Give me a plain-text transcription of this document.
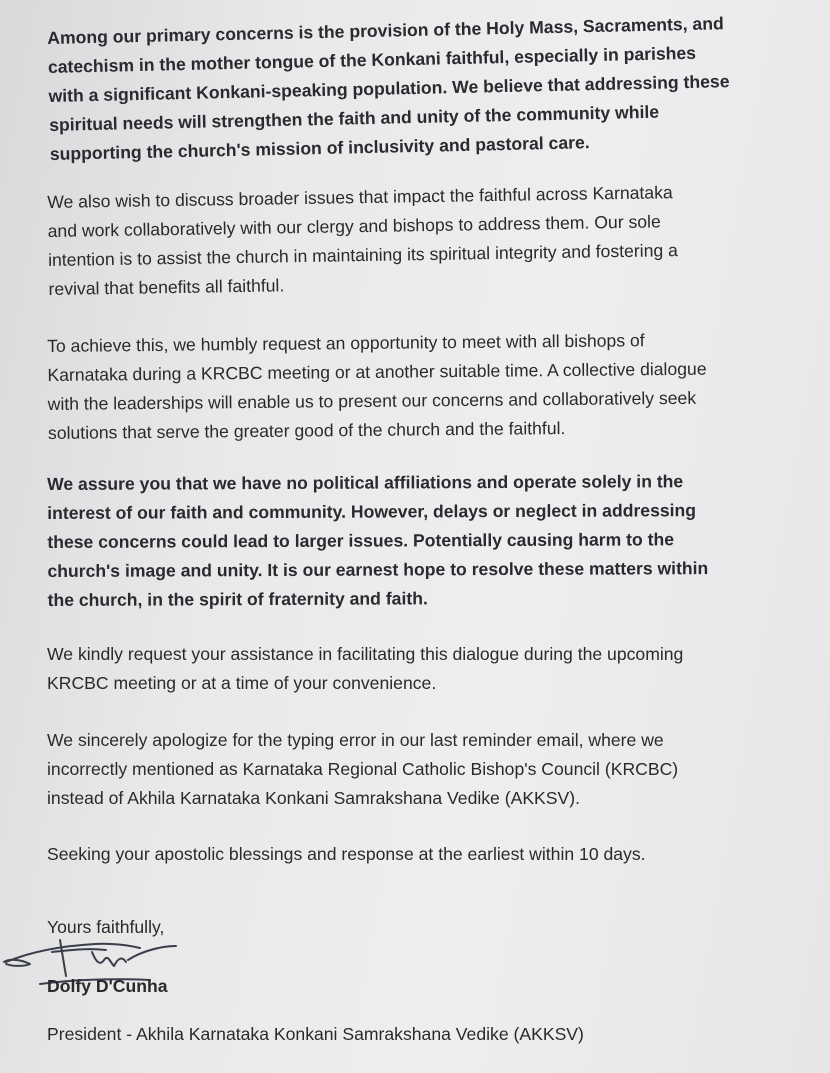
Among our primary concerns is the provision of the Holy Mass, Sacraments, and
catechism in the mother tongue of the Konkani faithful, especially in parishes
with a significant Konkani-speaking population. We believe that addressing these
spiritual needs will strengthen the faith and unity of the community while
supporting the church's mission of inclusivity and pastoral care.
We also wish to discuss broader issues that impact the faithful across Karnataka
and work collaboratively with our clergy and bishops to address them. Our sole
intention is to assist the church in maintaining its spiritual integrity and fostering a
revival that benefits all faithful.
To achieve this, we humbly request an opportunity to meet with all bishops of
Karnataka during a KRCBC meeting or at another suitable time. A collective dialogue
with the leaderships will enable us to present our concerns and collaboratively seek
solutions that serve the greater good of the church and the faithful.
We assure you that we have no political affiliations and operate solely in the
interest of our faith and community. However, delays or neglect in addressing
these concerns could lead to larger issues. Potentially causing harm to the
church's image and unity. It is our earnest hope to resolve these matters within
the church, in the spirit of fraternity and faith.
We kindly request your assistance in facilitating this dialogue during the upcoming
KRCBC meeting or at a time of your convenience.
We sincerely apologize for the typing error in our last reminder email, where we
incorrectly mentioned as Karnataka Regional Catholic Bishop's Council (KRCBC)
instead of Akhila Karnataka Konkani Samrakshana Vedike (AKKSV).
Seeking your apostolic blessings and response at the earliest within 10 days.
Yours faithfully,
Dolfy D'Cunha
President - Akhila Karnataka Konkani Samrakshana Vedike (AKKSV)
